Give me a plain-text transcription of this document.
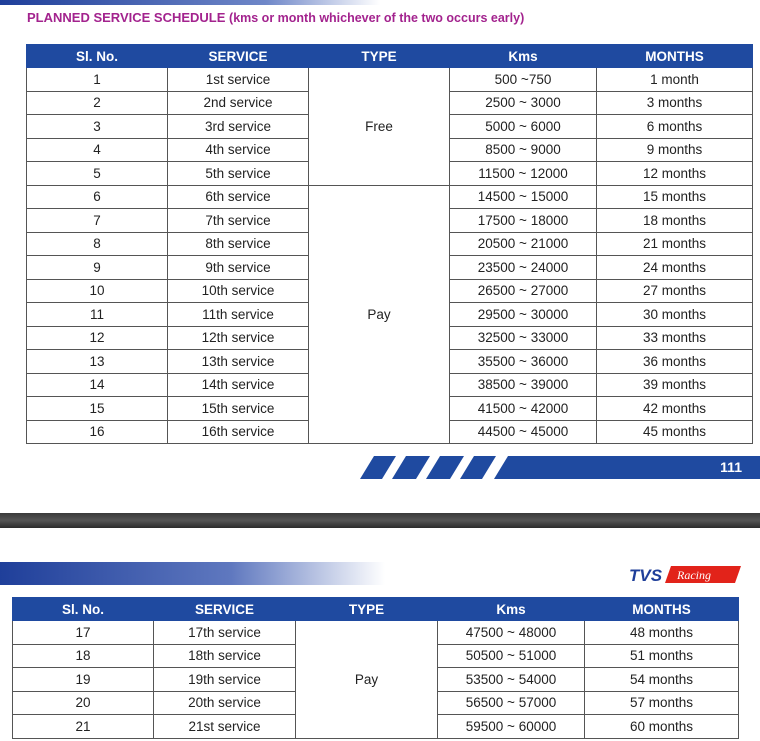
PLANNED SERVICE SCHEDULE (kms or month whichever of the two occurs early)
Sl. No.	SERVICE	TYPE	Kms	MONTHS
1	1st service	Free	500 ~750	1 month
2	2nd service		2500 ~ 3000	3 months
3	3rd service		5000 ~ 6000	6 months
4	4th service		8500 ~ 9000	9 months
5	5th service		11500 ~ 12000	12 months
6	6th service	Pay	14500 ~ 15000	15 months
7	7th service		17500 ~ 18000	18 months
8	8th service		20500 ~ 21000	21 months
9	9th service		23500 ~ 24000	24 months
10	10th service		26500 ~ 27000	27 months
11	11th service		29500 ~ 30000	30 months
12	12th service		32500 ~ 33000	33 months
13	13th service		35500 ~ 36000	36 months
14	14th service		38500 ~ 39000	39 months
15	15th service		41500 ~ 42000	42 months
16	16th service		44500 ~ 45000	45 months
111
TVS Racing
Sl. No.	SERVICE	TYPE	Kms	MONTHS
17	17th service	Pay	47500 ~ 48000	48 months
18	18th service		50500 ~ 51000	51 months
19	19th service		53500 ~ 54000	54 months
20	20th service		56500 ~ 57000	57 months
21	21st service		59500 ~ 60000	60 months
